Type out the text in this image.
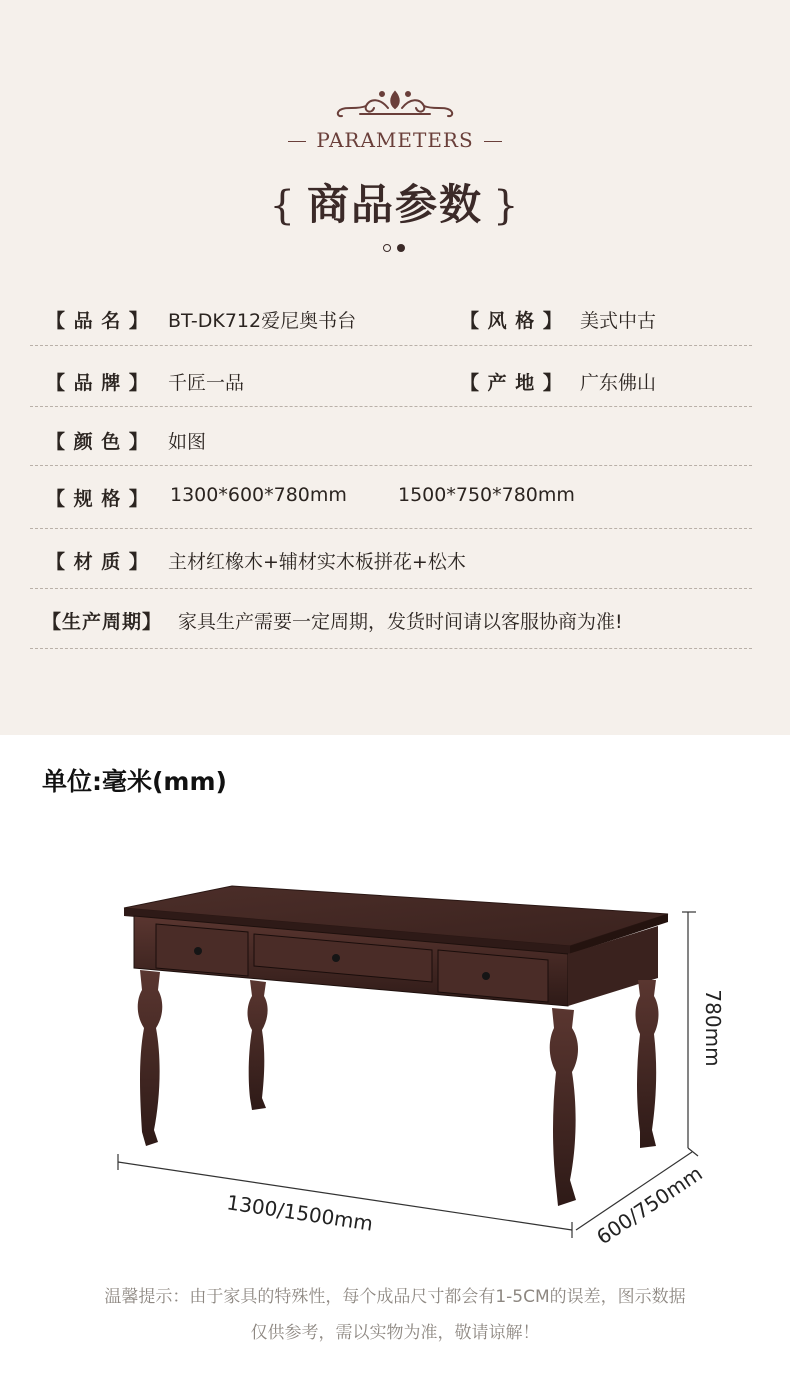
PARAMETERS
{ 商品参数 }
【 品 名 】 BT-DK712爱尼奥书台	【 风 格 】 美式中古
【 品 牌 】 千匠一品	【 产 地 】 广东佛山
【 颜 色 】 如图
【 规 格 】 1300*600*780mm	1500*750*780mm
【 材 质 】 主材红橡木+辅材实木板拼花+松木
【生产周期】 家具生产需要一定周期，发货时间请以客服协商为准!
单位:毫米(mm)
1300/1500mm	600/750mm
780mm
温馨提示：由于家具的特殊性，每个成品尺寸都会有1-5CM的误差，图示数据
仅供参考，需以实物为准，敬请谅解！
